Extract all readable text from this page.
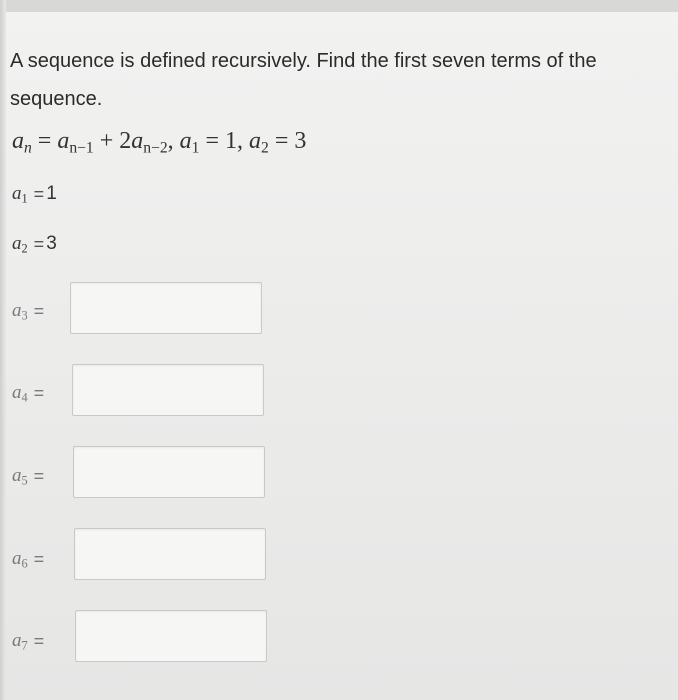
A sequence is defined recursively. Find the first seven terms of the sequence.
$a_n = a_{n-1} + 2a_{n-2}$, $a_1 = 1$, $a_2 = 3$
$a_1 = 1$
$a_2 = 3$
$a_3$ =
$a_4$ =
$a_5$ =
$a_6$ =
$a_7$ =
